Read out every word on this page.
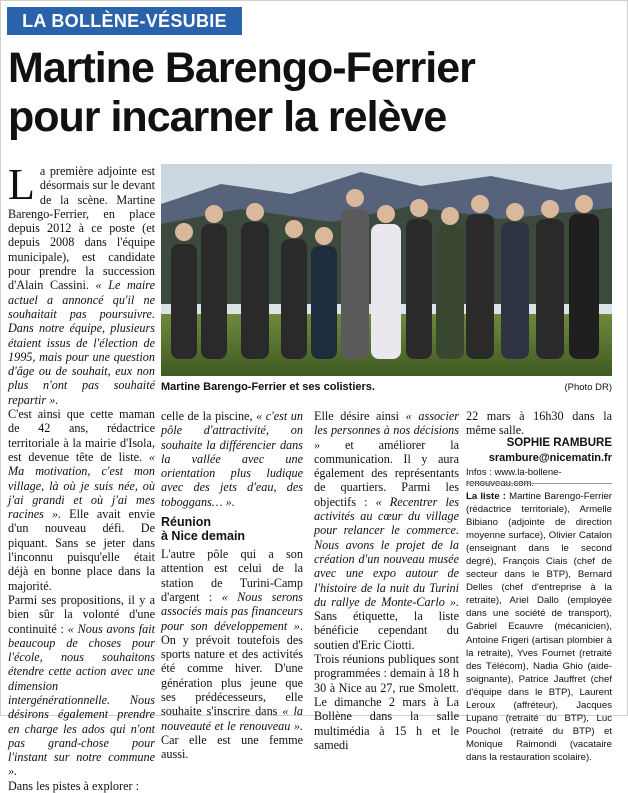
LA BOLLÈNE-VÉSUBIE
Martine Barengo-Ferrier
pour incarner la relève

La première adjointe est désormais sur le devant de la scène. Martine Barengo-Ferrier, en place depuis 2012 à ce poste (et depuis 2008 dans l'équipe municipale), est candidate pour prendre la succession d'Alain Cassini. « Le maire actuel a annoncé qu'il ne souhaitait pas poursuivre. Dans notre équipe, plusieurs étaient issus de l'élection de 1995, mais pour une question d'âge ou de souhait, eux non plus n'ont pas souhaité repartir ».

C'est ainsi que cette maman de 42 ans, rédactrice territoriale à la mairie d'Isola, est devenue tête de liste. « Ma motivation, c'est mon village, là où je suis née, où j'ai grandi et où j'ai mes racines ». Elle avait envie d'un nouveau défi. De piquant. Sans se jeter dans l'inconnu puisqu'elle était déjà en bonne place dans la majorité.

Parmi ses propositions, il y a bien sûr la volonté d'une continuité : « Nous avons fait beaucoup de choses pour l'école, nous souhaitons étendre cette action avec une dimension intergénérationnelle. Nous désirons également prendre en charge les ados qui n'ont pas grand-chose pour l'instant sur notre commune ».

Dans les pistes à explorer :

Martine Barengo-Ferrier et ses colistiers.	(Photo DR)

celle de la piscine, « c'est un pôle d'attractivité, on souhaite la différencier dans la vallée avec une orientation plus ludique avec des jets d'eau, des toboggans… ».

Réunion
à Nice demain

L'autre pôle qui a son attention est celui de la station de Turini-Camp d'argent : « Nous serons associés mais pas financeurs pour son développement ». On y prévoit toutefois des sports nature et des activités été comme hiver. D'une génération plus jeune que ses prédécesseurs, elle souhaite s'inscrire dans « la nouveauté et le renouveau ». Car elle est une femme aussi.

Elle désire ainsi « associer les personnes à nos décisions » et améliorer la communication. Il y aura également des représentants de quartiers. Parmi les objectifs : « Recentrer les activités au cœur du village pour relancer le commerce. Nous avons le projet de la création d'un nouveau musée avec une expo autour de l'histoire de la nuit du Turini du rallye de Monte-Carlo ». Sans étiquette, la liste bénéficie cependant du soutien d'Eric Ciotti.

Trois réunions publiques sont programmées : demain à 18 h 30 à Nice au 27, rue Smolett. Le dimanche 2 mars à La Bollène dans la salle multimédia à 15 h et le samedi

22 mars à 16h30 dans la même salle.

SOPHIE RAMBURE
srambure@nicematin.fr
Infos : www.la-bollene-
La liste : Martine Barengo-Ferrier (rédactrice territoriale), Armelle Bibiano (adjointe de direction moyenne surface), Olivier Catalon (enseignant dans le second degré), François Ciais (chef de secteur dans le BTP), Bernard Delles (chef d'entreprise à la retraite), Ariel Dallo (employée dans une société de transport), Gabriel Ecauvre (mécanicien), Antoine Frigeri (artisan plombier à la retraite), Yves Fournet (retraité des Télécom), Nadia Ghio (aide-soignante), Patrice Jauffret (chef d'équipe dans le BTP), Laurent Leroux (affréteur), Jacques Lupano (retraité du BTP), Luc Pouchol (retraité du BTP) et Monique Raimondi (vacataire dans la restauration scolaire).
